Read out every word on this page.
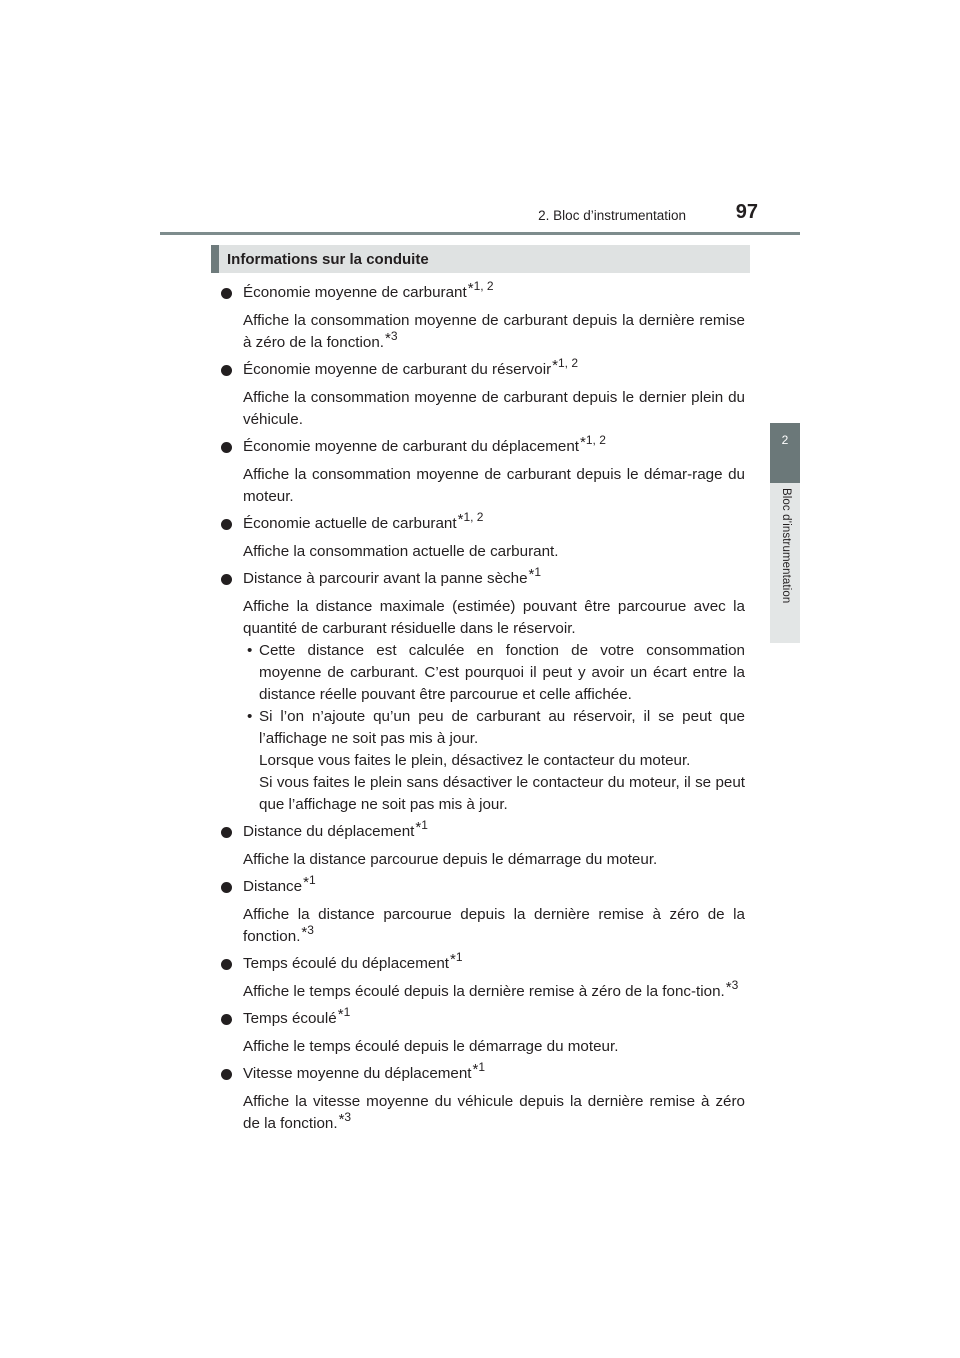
2. Bloc d’instrumentation	97
2
Bloc d’instrumentation
Informations sur la conduite
Économie moyenne de carburant$^{*1, 2}$
Affiche la consommation moyenne de carburant depuis la dernière remise à zéro de la fonction.$^{*3}$
Économie moyenne de carburant du réservoir$^{*1, 2}$
Affiche la consommation moyenne de carburant depuis le dernier plein du véhicule.
Économie moyenne de carburant du déplacement$^{*1, 2}$
Affiche la consommation moyenne de carburant depuis le démar-rage du moteur.
Économie actuelle de carburant$^{*1, 2}$
Affiche la consommation actuelle de carburant.
Distance à parcourir avant la panne sèche$^{*1}$
Affiche la distance maximale (estimée) pouvant être parcourue avec la quantité de carburant résiduelle dans le réservoir.
• Cette distance est calculée en fonction de votre consommation moyenne de carburant. C’est pourquoi il peut y avoir un écart entre la distance réelle pouvant être parcourue et celle affichée.
• Si l’on n’ajoute qu’un peu de carburant au réservoir, il se peut que l’affichage ne soit pas mis à jour.
Lorsque vous faites le plein, désactivez le contacteur du moteur.
Si vous faites le plein sans désactiver le contacteur du moteur, il se peut que l’affichage ne soit pas mis à jour.
Distance du déplacement$^{*1}$
Affiche la distance parcourue depuis le démarrage du moteur.
Distance$^{*1}$
Affiche la distance parcourue depuis la dernière remise à zéro de la fonction.$^{*3}$
Temps écoulé du déplacement$^{*1}$
Affiche le temps écoulé depuis la dernière remise à zéro de la fonc-tion.$^{*3}$
Temps écoulé$^{*1}$
Affiche le temps écoulé depuis le démarrage du moteur.
Vitesse moyenne du déplacement$^{*1}$
Affiche la vitesse moyenne du véhicule depuis la dernière remise à zéro de la fonction.$^{*3}$
